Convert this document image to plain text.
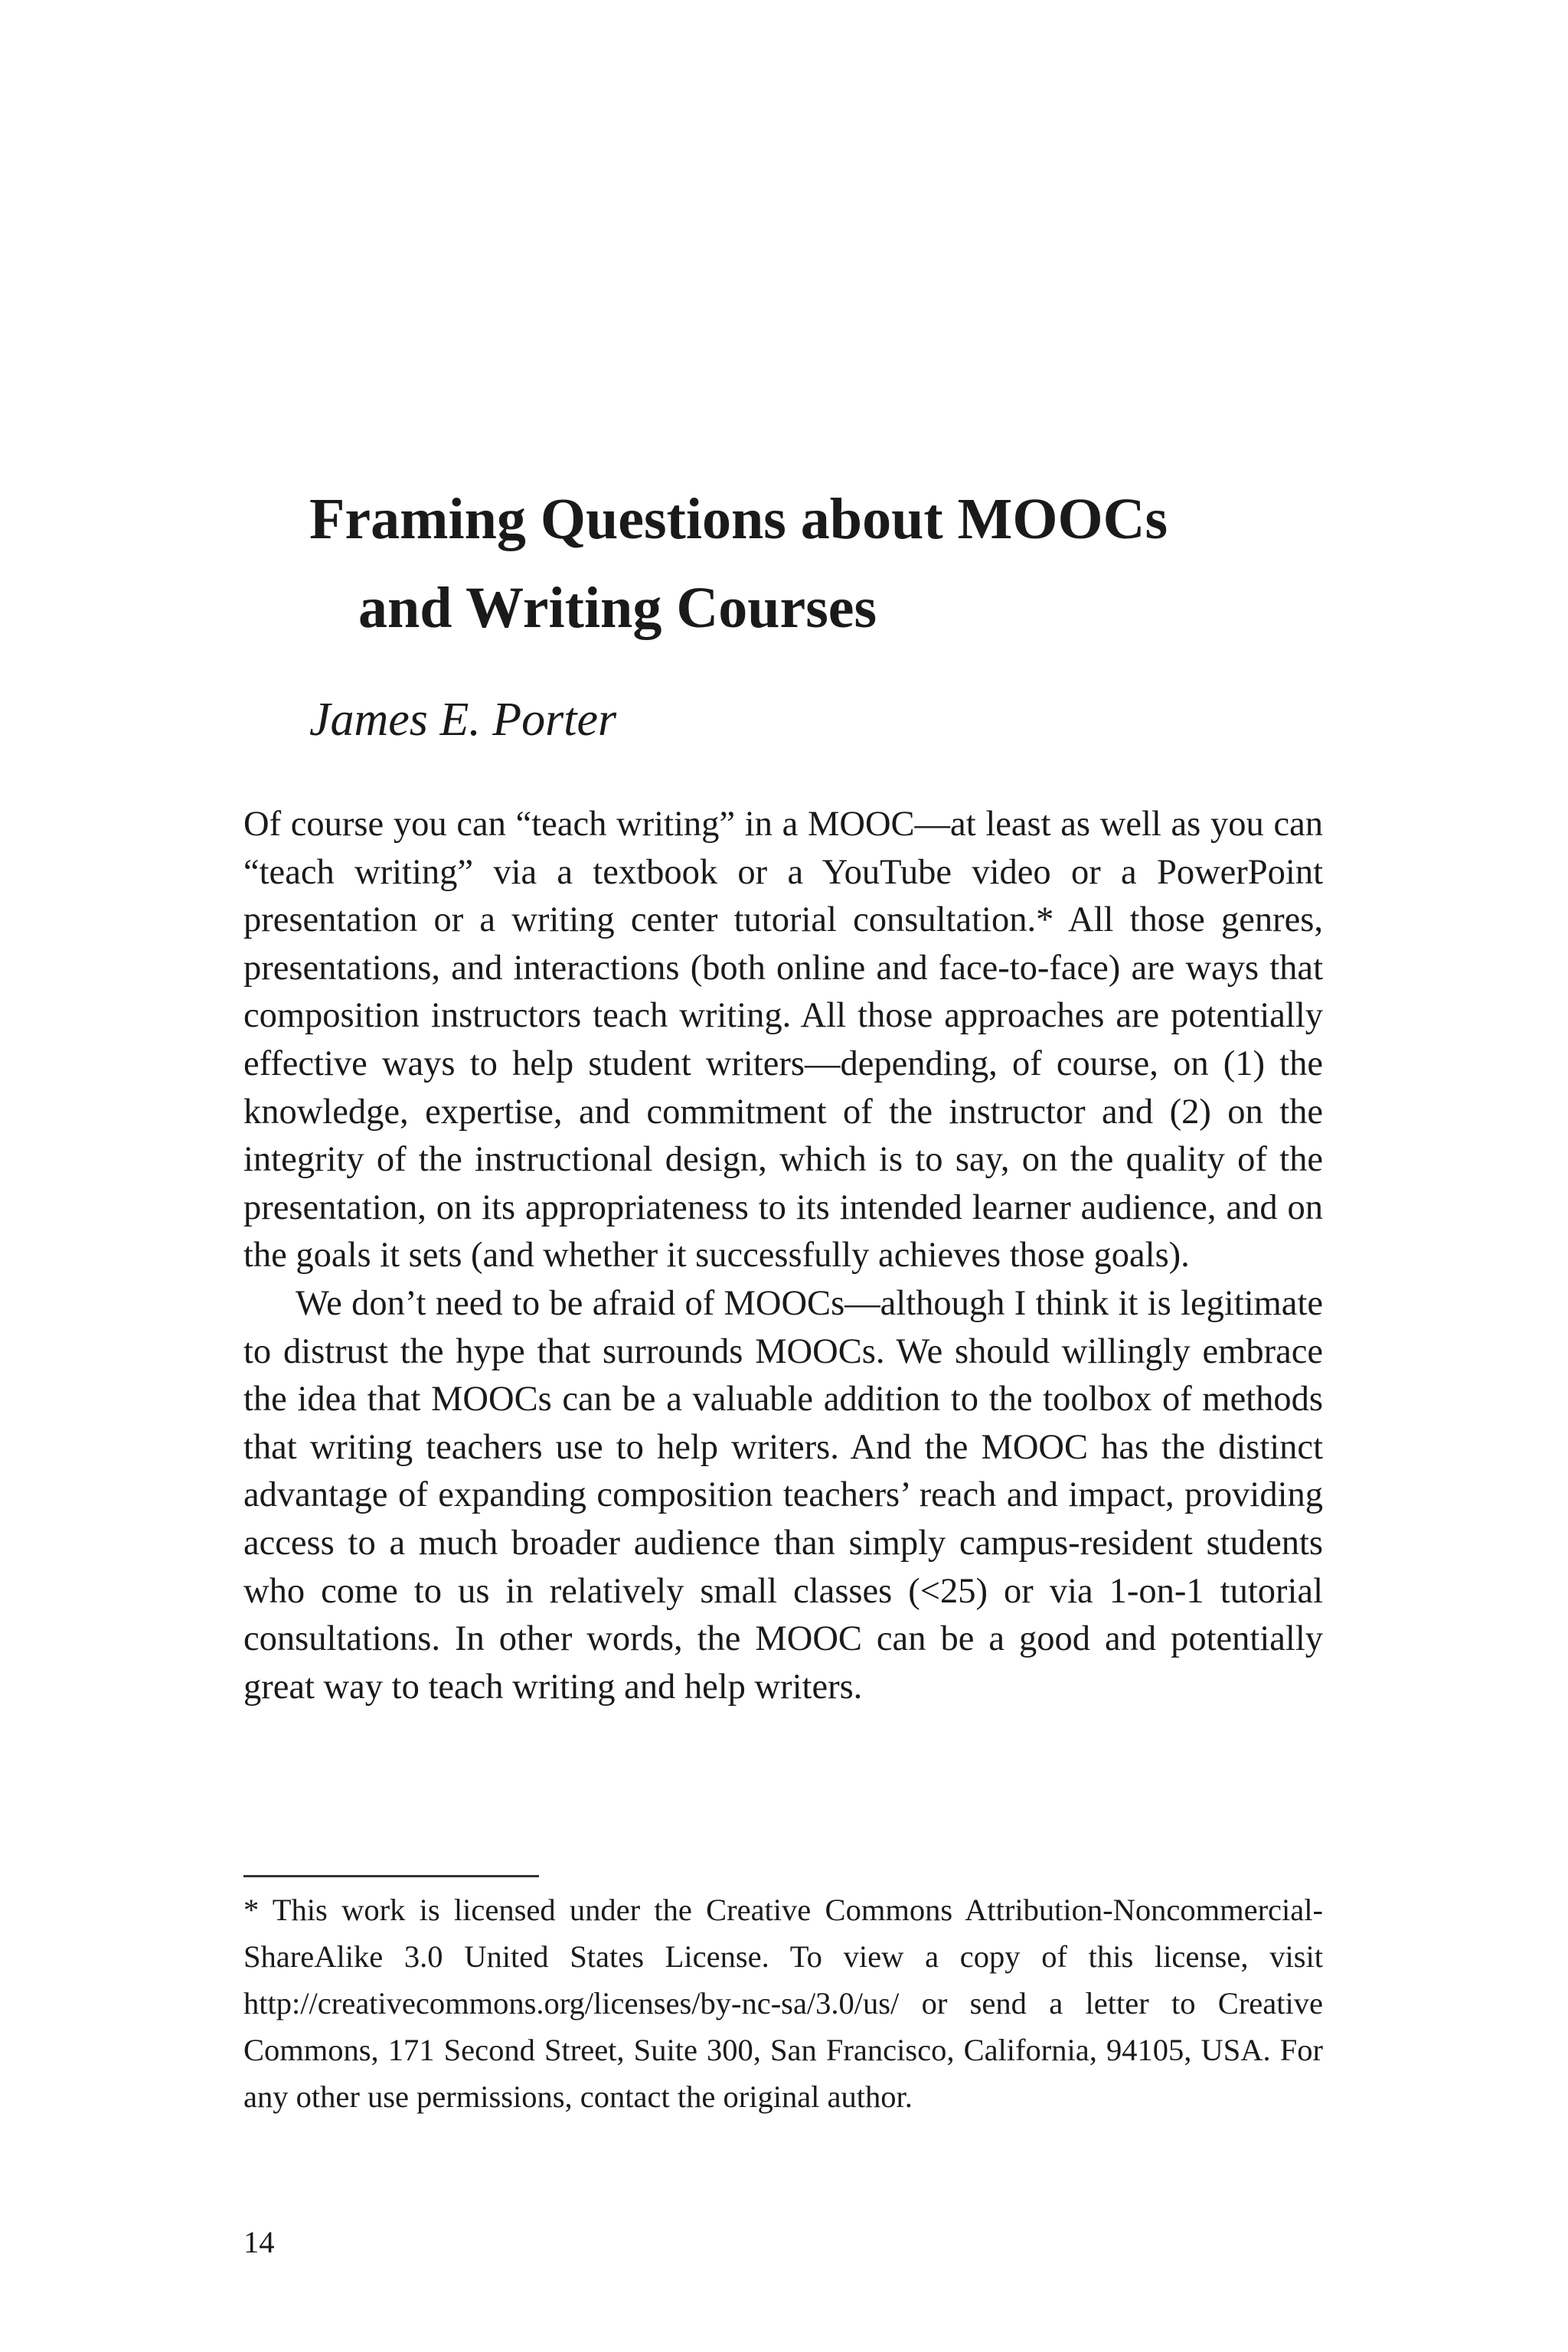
Framing Questions about MOOCs
and Writing Courses

James E. Porter

Of course you can “teach writing” in a MOOC—at least as well as you can “teach writing” via a textbook or a YouTube video or a PowerPoint presentation or a writing center tutorial consultation.* All those genres, presentations, and interactions (both online and face-to-face) are ways that composition instructors teach writing. All those approaches are potentially effective ways to help student writers—depending, of course, on (1) the knowledge, expertise, and commitment of the instructor and (2) on the integrity of the instructional design, which is to say, on the quality of the presentation, on its appropriateness to its intended learner audience, and on the goals it sets (and whether it successfully achieves those goals).

We don’t need to be afraid of MOOCs—although I think it is legitimate to distrust the hype that surrounds MOOCs. We should willingly embrace the idea that MOOCs can be a valuable addition to the toolbox of methods that writing teachers use to help writers. And the MOOC has the distinct advantage of expanding composition teachers’ reach and impact, providing access to a much broader audience than simply campus-resident students who come to us in relatively small classes (<25) or via 1-on-1 tutorial consultations. In other words, the MOOC can be a good and potentially great way to teach writing and help writers.

* This work is licensed under the Creative Commons Attribution-Noncommercial-ShareAlike 3.0 United States License. To view a copy of this license, visit http://creativecommons.org/licenses/by-nc-sa/3.0/us/ or send a letter to Creative Commons, 171 Second Street, Suite 300, San Francisco, California, 94105, USA. For any other use permissions, contact the original author.

14
